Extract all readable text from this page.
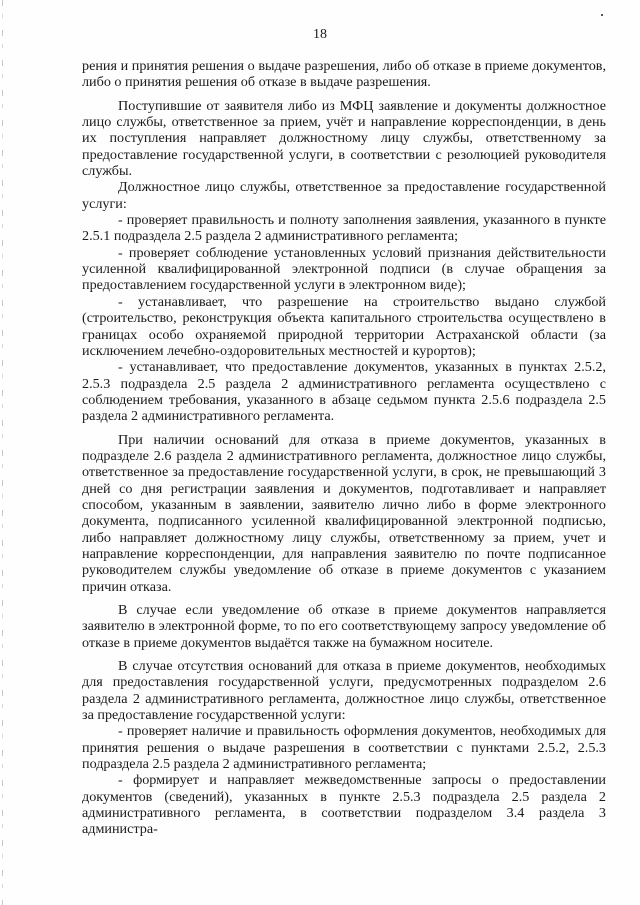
18

рения и принятия решения о выдаче разрешения, либо об отказе в приеме документов, либо о принятия решения об отказе в выдаче разрешения.

Поступившие от заявителя либо из МФЦ заявление и документы должностное лицо службы, ответственное за прием, учёт и направление корреспонденции, в день их поступления направляет должностному лицу службы, ответственному за предоставление государственной услуги, в соответствии с резолюцией руководителя службы.

Должностное лицо службы, ответственное за предоставление государственной услуги:

- проверяет правильность и полноту заполнения заявления, указанного в пункте 2.5.1 подраздела 2.5 раздела 2 административного регламента;

- проверяет соблюдение установленных условий признания действительности усиленной квалифицированной электронной подписи (в случае обращения за предоставлением государственной услуги в электронном виде);

- устанавливает, что разрешение на строительство выдано службой (строительство, реконструкция объекта капитального строительства осуществлено в границах особо охраняемой природной территории Астраханской области (за исключением лечебно-оздоровительных местностей и курортов);

- устанавливает, что предоставление документов, указанных в пунктах 2.5.2, 2.5.3 подраздела 2.5 раздела 2 административного регламента осуществлено с соблюдением требования, указанного в абзаце седьмом пункта 2.5.6 подраздела 2.5 раздела 2 административного регламента.

При наличии оснований для отказа в приеме документов, указанных в подразделе 2.6 раздела 2 административного регламента, должностное лицо службы, ответственное за предоставление государственной услуги, в срок, не превышающий 3 дней со дня регистрации заявления и документов, подготавливает и направляет способом, указанным в заявлении, заявителю лично либо в форме электронного документа, подписанного усиленной квалифицированной электронной подписью, либо направляет должностному лицу службы, ответственному за прием, учет и направление корреспонденции, для направления заявителю по почте подписанное руководителем службы уведомление об отказе в приеме документов с указанием причин отказа.

В случае если уведомление об отказе в приеме документов направляется заявителю в электронной форме, то по его соответствующему запросу уведомление об отказе в приеме документов выдаётся также на бумажном носителе.

В случае отсутствия оснований для отказа в приеме документов, необходимых для предоставления государственной услуги, предусмотренных подразделом 2.6 раздела 2 административного регламента, должностное лицо службы, ответственное за предоставление государственной услуги:

- проверяет наличие и правильность оформления документов, необходимых для принятия решения о выдаче разрешения в соответствии с пунктами 2.5.2, 2.5.3 подраздела 2.5 раздела 2 административного регламента;

- формирует и направляет межведомственные запросы о предоставлении документов (сведений), указанных в пункте 2.5.3 подраздела 2.5 раздела 2 административного регламента, в соответствии подразделом 3.4 раздела 3 администра-
